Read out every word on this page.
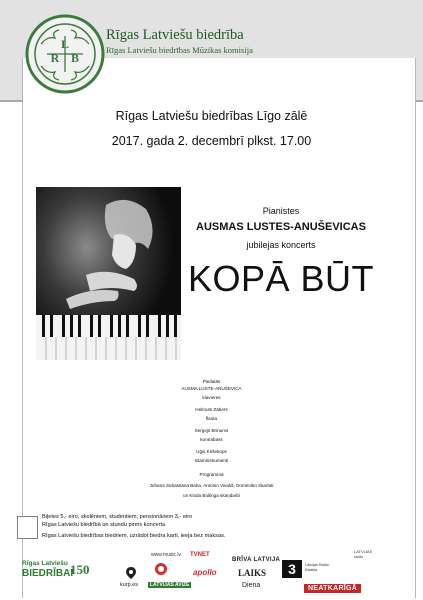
L
R B
Rīgas Latviešu biedrība
Rīgas Latviešu biedrības Mūzikas komisija
Rīgas Latviešu biedrības Līgo zālē
2017. gada 2. decembrī plkst. 17.00
Pianistes
AUSMAS LUSTES-ANUŠEVICAS
jubilejas koncerts
KOPĀ BŪT
Piedalās
AUSMA LUSTE-ANUŠEVICA
klavieres
Helmuts Zābers
flauta
Sergejs Brinums
kontrabass
Uģis Krišekops
sitaminstrumenti
Programmā
Johana Sebastiāna Baha, Antonio Vivaldi, Domeniko Skarlati
un Kloda Bollinga skaņdarbi
Biļetes 5,- eiro, skolēniem, studentiem, pensionāriem 3,- eiro
Rīgas Latviešu biedrībā un stundu pirms koncerta
Rīgas Latviešu biedrības biedriem, uzrādot biedra karti, ieeja bez maksas.
Rīgas Latviešu
BIEDRĪBAI
150
kurp.es
www.music.lv
LATVIJAS AVĪZE
TVNET
apollo
BRĪVA LATVIJA
LAIKS
Diena
3 Latvijas Radio Klasika
LATVIJAS radio
NEATKARĪGĀ
